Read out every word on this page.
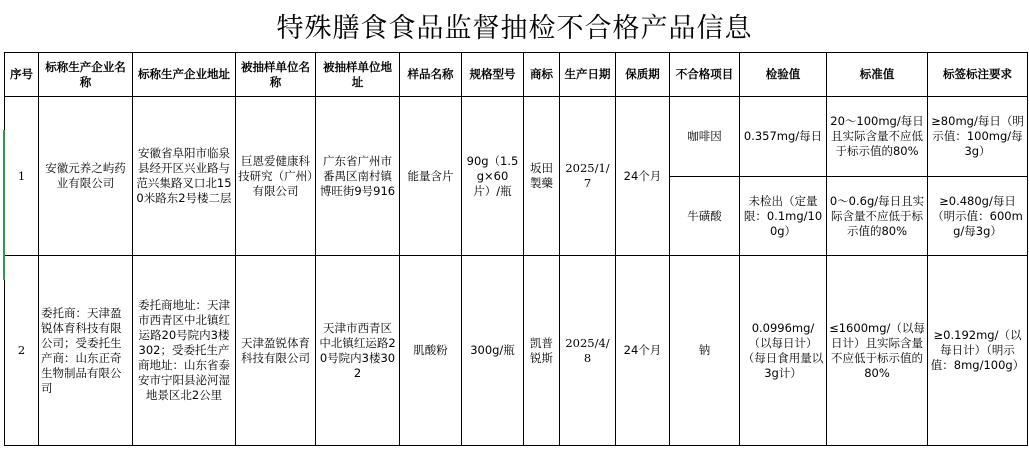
特殊膳食食品监督抽检不合格产品信息
序号	标称生产企业名称	标称生产企业地址	被抽样单位名称	被抽样单位地址	样品名称	规格型号	商标	生产日期	保质期	不合格项目	检验值	标准值	标签标注要求
1	安徽元养之屿药业有限公司	安徽省阜阳市临泉县经开区兴业路与范兴集路叉口北150米路东2号楼二层	巨恩爱健康科技研究（广州）有限公司	广东省广州市番禺区南村镇博旺街9号916	能量含片	90g（1.5g×60片）/瓶	坂田製藥	2025/1/7	24个月	咖啡因	0.357mg/每日	20～100mg/每日且实际含量不应低于标示值的80%	≥80mg/每日（明示值：100mg/每3g）
										牛磺酸	未检出（定量限：0.1mg/100g）	0～0.6g/每日且实际含量不应低于标示值的80%	≥0.480g/每日（明示值：600mg/每3g）
2	委托商：天津盈锐体育科技有限公司；受委托生产商：山东正奇生物制品有限公司	委托商地址：天津市西青区中北镇红运路20号院内3楼302；受委托生产商地址：山东省泰安市宁阳县泌河湿地景区北2公里	天津盈锐体育科技有限公司	天津市西青区中北镇红运路20号院内3楼302	肌酸粉	300g/瓶	凯普锐斯	2025/4/8	24个月	钠	0.0996mg/（以每日计）（每日食用量以3g计）	≤1600mg/（以每日计）且实际含量不应低于标示值的80%	≥0.192mg/（以每日计）（明示值：8mg/100g）
